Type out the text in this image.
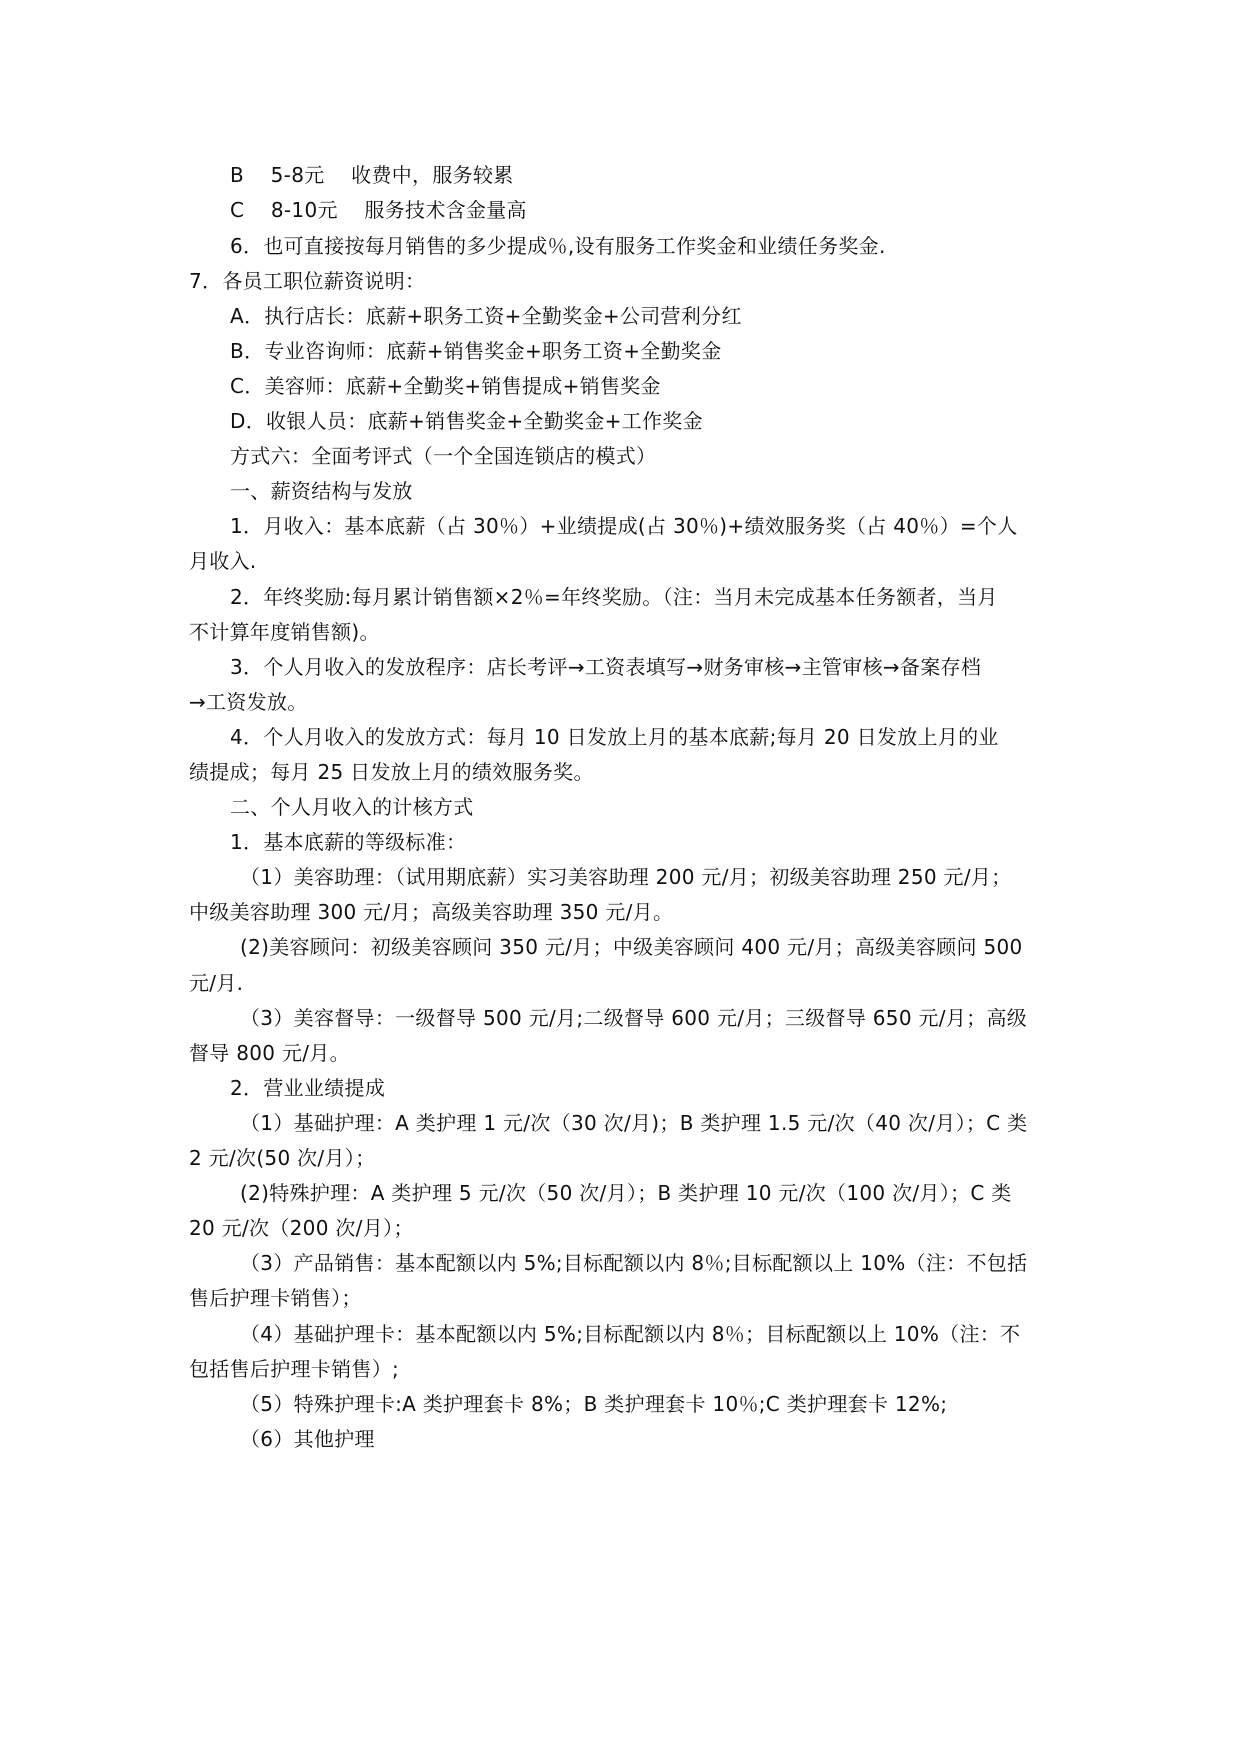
B    5-8元    收费中，服务较累
C    8-10元    服务技术含金量高
6．也可直接按每月销售的多少提成％,设有服务工作奖金和业绩任务奖金.
7．各员工职位薪资说明：
A．执行店长：底薪+职务工资+全勤奖金+公司营利分红
B．专业咨询师：底薪+销售奖金+职务工资+全勤奖金
C．美容师：底薪+全勤奖+销售提成+销售奖金
D．收银人员：底薪+销售奖金+全勤奖金+工作奖金
方式六：全面考评式（一个全国连锁店的模式）
一、薪资结构与发放
1．月收入：基本底薪（占 30％）+业绩提成(占 30％)+绩效服务奖（占 40％）=个人
月收入.
2．年终奖励:每月累计销售额×2％=年终奖励。（注：当月未完成基本任务额者，当月
不计算年度销售额)。
3．个人月收入的发放程序：店长考评→工资表填写→财务审核→主管审核→备案存档
→工资发放。
4．个人月收入的发放方式：每月 10 日发放上月的基本底薪;每月 20 日发放上月的业
绩提成；每月 25 日发放上月的绩效服务奖。
二、个人月收入的计核方式
1．基本底薪的等级标准：
（1）美容助理：（试用期底薪）实习美容助理 200 元/月；初级美容助理 250 元/月；
中级美容助理 300 元/月；高级美容助理 350 元/月。
(2)美容顾问：初级美容顾问 350 元/月；中级美容顾问 400 元/月；高级美容顾问 500
元/月.
（3）美容督导：一级督导 500 元/月;二级督导 600 元/月；三级督导 650 元/月；高级
督导 800 元/月。
2．营业业绩提成
（1）基础护理：A 类护理 1 元/次（30 次/月)；B 类护理 1.5 元/次（40 次/月）；C 类
2 元/次(50 次/月）；
(2)特殊护理：A 类护理 5 元/次（50 次/月）；B 类护理 10 元/次（100 次/月）；C 类
20 元/次（200 次/月）；
（3）产品销售：基本配额以内 5%;目标配额以内 8％;目标配额以上 10%（注：不包括
售后护理卡销售）；
（4）基础护理卡：基本配额以内 5%;目标配额以内 8％；目标配额以上 10%（注：不
包括售后护理卡销售）;
（5）特殊护理卡:A 类护理套卡 8%；B 类护理套卡 10％;C 类护理套卡 12%;
（6）其他护理
